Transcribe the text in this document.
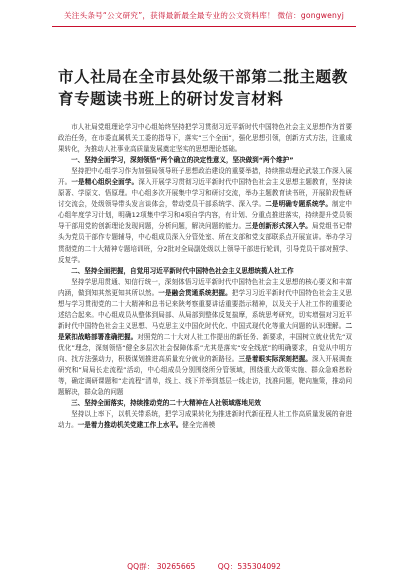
关注头条号“公文研究”，获得最新最全最专业的公文资料库！ 微信：gongwenyj
市人社局在全市县处级干部第二批主题教育专题读书班上的研讨发言材料

市人社局党组理论学习中心组始终坚持把学习贯彻习近平新时代中国特色社会主义思想作为首要政治任务，在市委直属机关工委的指导下，落实“三个全面”，强化思想引领，创新方式方法，注重成果转化，为推动人社事业高质量发展奠定坚实的思想理论基础。

一、坚持全面学习，深刻领悟“两个确立的决定性意义，坚决做到“两个维护”

坚持把中心组学习作为加强局领导班子思想政治建设的重要举措，持续推动理论武装工作深入展开。一是精心组织全面学。深入开展学习贯彻习近平新时代中国特色社会主义思想主题教育，坚持读原著、学原文、悟原理。中心组多次开展集中学习和研讨交流，举办主题教育读书班，开展阶段性研讨交流会，处级领导带头发言谈体会，带动党员干部系统学、深入学。二是明确专题系统学。制定中心组年度学习计划，明确12项集中学习和4项自学内容，有计划、分重点推进落实，持续提升党员领导干部用党的创新理论发现问题，分析问题，解决问题的能力。三是创新形式深入学。局党组书记带头为党员干部作专题辅导，中心组成员深入分管处室、所在支部和党支部联系点开展宣讲。举办学习贯彻党的二十大精神专题培训班，分2批对全局副处级以上领导干部进行轮训，引导党员干部对照学、反复学。

二、坚持全面把握，自觉用习近平新时代中国特色社会主义思想统揽人社工作

坚持学思用贯通、知信行统一，深刻体悟习近平新时代中国特色社会主义思想的核心要义和丰富内涵，做到知其然更知其所以然。一是融会贯通系统把握。把学习习近平新时代中国特色社会主义思想与学习贯彻党的二十大精神和总书记来陕考察重要讲话重要指示精神，以及关于人社工作的重要论述结合起来。中心组成员从整体到局部、从局部到整体反复揣摩，系统思考研究，切实增强对习近平新时代中国特色社会主义思想、马克思主义中国化时代化、中国式现代化等重大问题的认识理解。二是紧扣战略部署准确把握。对照党的二十大对人社工作提出的新任务、新要求，丰国树立就业优先“双优化”理念，深刻领悟“健全多层次社会保障体系”尤其是落实“安全线底”的明确要求，自觉从中明方向、找方法强动力，积极谋划推进高质量充分就业的新路径。三是着眼实际深刻把握。深入开展调查研究和“局局长走流程”活动，中心组成员分别围绕所分管领域，围绕重大政策实施、群众急难愁盼等，确定调研课题和“走流程”清单，线上、线下并举到基层一线走访，找准问题，靶向施策，推动问题解决，群众急的问题

三、坚持全面落实，持续推动党的二十大精神在人社领域落地见效

坚持以上率下，以机关带系统，把学习成果转化为推进新时代新征程人社工作高质量发展的奋进动力。一是着力推动机关党建工作上水平。健全完善模

QQ群： 30265665	QQ：535304092
